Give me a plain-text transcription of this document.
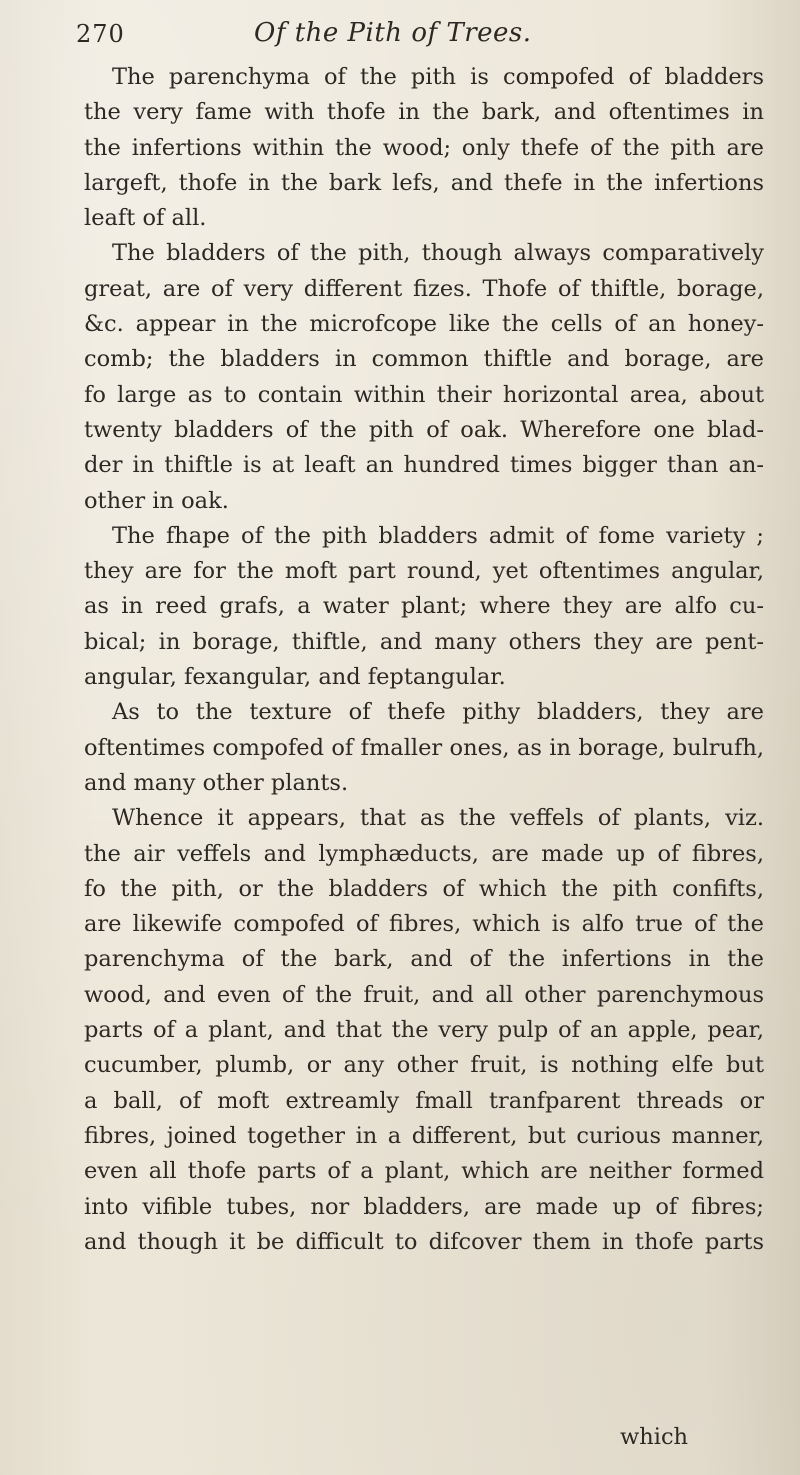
270	Of the Pith of Trees.
The parenchyma of the pith is compofed of bladders
the very fame with thofe in the bark, and oftentimes in
the infertions within the wood; only thefe of the pith are
largeft, thofe in the bark lefs, and thefe in the infertions
leaft of all.
The bladders of the pith, though always comparatively
great, are of very different fizes. Thofe of thiftle, borage,
&c. appear in the microfcope like the cells of an honey-
comb; the bladders in common thiftle and borage, are
fo large as to contain within their horizontal area, about
twenty bladders of the pith of oak. Wherefore one blad-
der in thiftle is at leaft an hundred times bigger than an-
other in oak.
The fhape of the pith bladders admit of fome variety ;
they are for the moft part round, yet oftentimes angular,
as in reed grafs, a water plant; where they are alfo cu-
bical; in borage, thiftle, and many others they are pent-
angular, fexangular, and feptangular.
As to the texture of thefe pithy bladders, they are
oftentimes compofed of fmaller ones, as in borage, bulrufh,
and many other plants.
Whence it appears, that as the veffels of plants, viz.
the air veffels and lymphæducts, are made up of fibres,
fo the pith, or the bladders of which the pith confifts,
are likewife compofed of fibres, which is alfo true of the
parenchyma of the bark, and of the infertions in the
wood, and even of the fruit, and all other parenchymous
parts of a plant, and that the very pulp of an apple, pear,
cucumber, plumb, or any other fruit, is nothing elfe but
a ball, of moft extreamly fmall tranfparent threads or
fibres, joined together in a different, but curious manner,
even all thofe parts of a plant, which are neither formed
into vifible tubes, nor bladders, are made up of fibres;
and though it be difficult to difcover them in thofe parts
which
